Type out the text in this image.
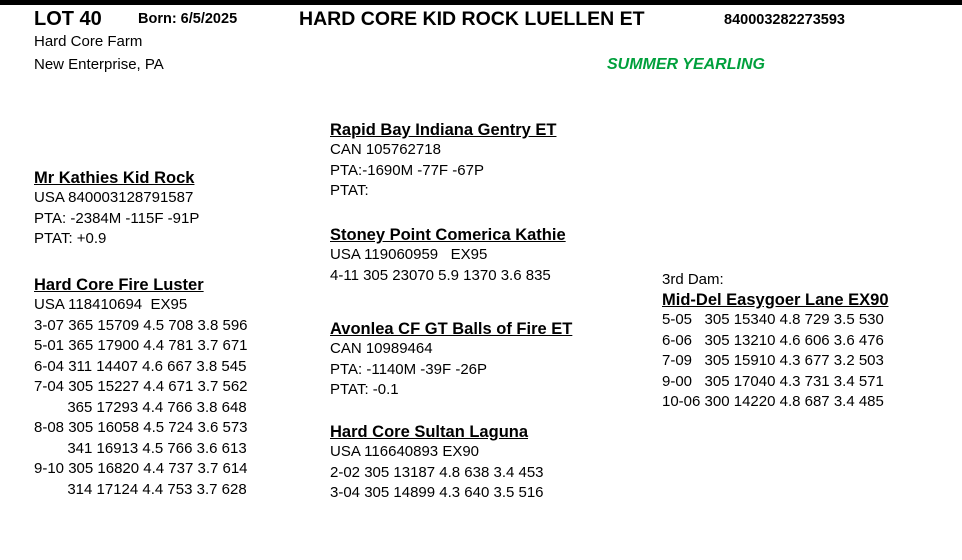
LOT 40 Born: 6/5/2025	HARD CORE KID ROCK LUELLEN ET	840003282273593
Hard Core Farm
New Enterprise, PA	SUMMER YEARLING
Mr Kathies Kid Rock
USA 840003128791587
PTA: -2384M -115F -91P
PTAT: +0.9
Hard Core Fire Luster
USA 118410694  EX95
3-07 365 15709 4.5 708 3.8 596
5-01 365 17900 4.4 781 3.7 671
6-04 311 14407 4.6 667 3.8 545
7-04 305 15227 4.4 671 3.7 562
365 17293 4.4 766 3.8 648
8-08 305 16058 4.5 724 3.6 573
341 16913 4.5 766 3.6 613
9-10 305 16820 4.4 737 3.7 614
314 17124 4.4 753 3.7 628
Rapid Bay Indiana Gentry ET
CAN 105762718
PTA:-1690M -77F -67P
PTAT:
Stoney Point Comerica Kathie
USA 119060959   EX95
4-11 305 23070 5.9 1370 3.6 835
Avonlea CF GT Balls of Fire ET
CAN 10989464
PTA: -1140M -39F -26P
PTAT: -0.1
Hard Core Sultan Laguna
USA 116640893 EX90
2-02 305 13187 4.8 638 3.4 453
3-04 305 14899 4.3 640 3.5 516
3rd Dam:
Mid-Del Easygoer Lane EX90
5-05   305 15340 4.8 729 3.5 530
6-06   305 13210 4.6 606 3.6 476
7-09   305 15910 4.3 677 3.2 503
9-00   305 17040 4.3 731 3.4 571
10-06 300 14220 4.8 687 3.4 485
